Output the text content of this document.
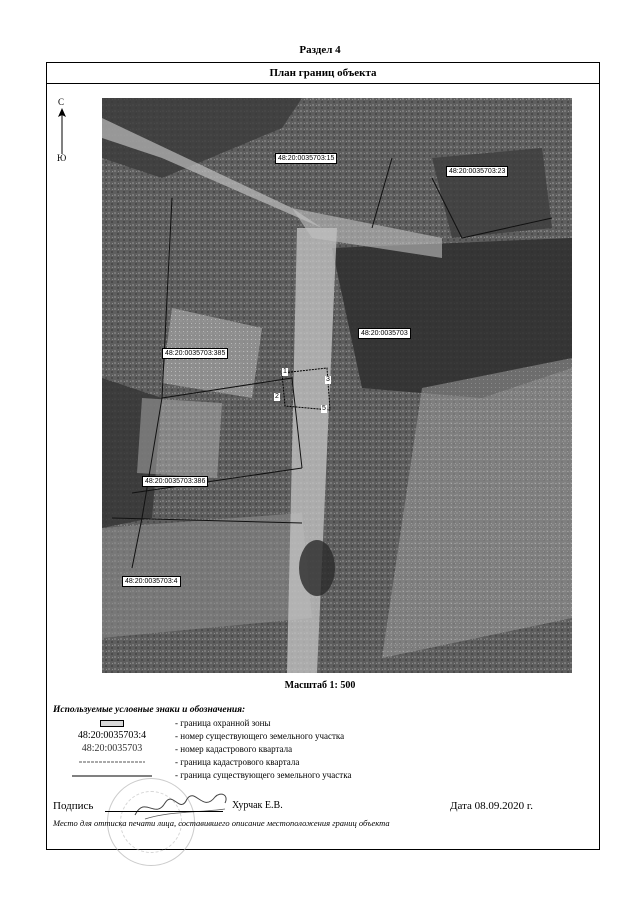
Раздел 4
План границ объекта
С
Ю	48:20:0035703:15
48:20:0035703:23
48:20:0035703
48:20:0035703:385
48:20:0035703:386
48:20:0035703:4
1
2
3
5
Масштаб 1: 500
Используемые условные знаки и обозначения:
- граница охранной зоны
48:20:0035703:4	- номер существующего земельного участка
48:20:0035703	- номер кадастрового квартала
- граница кадастрового квартала
- граница существующего земельного участка
Подпись	Хурчак Е.В.	Дата 08.09.2020 г.
Место для оттиска печати лица, составившего описание местоположения границ объекта
